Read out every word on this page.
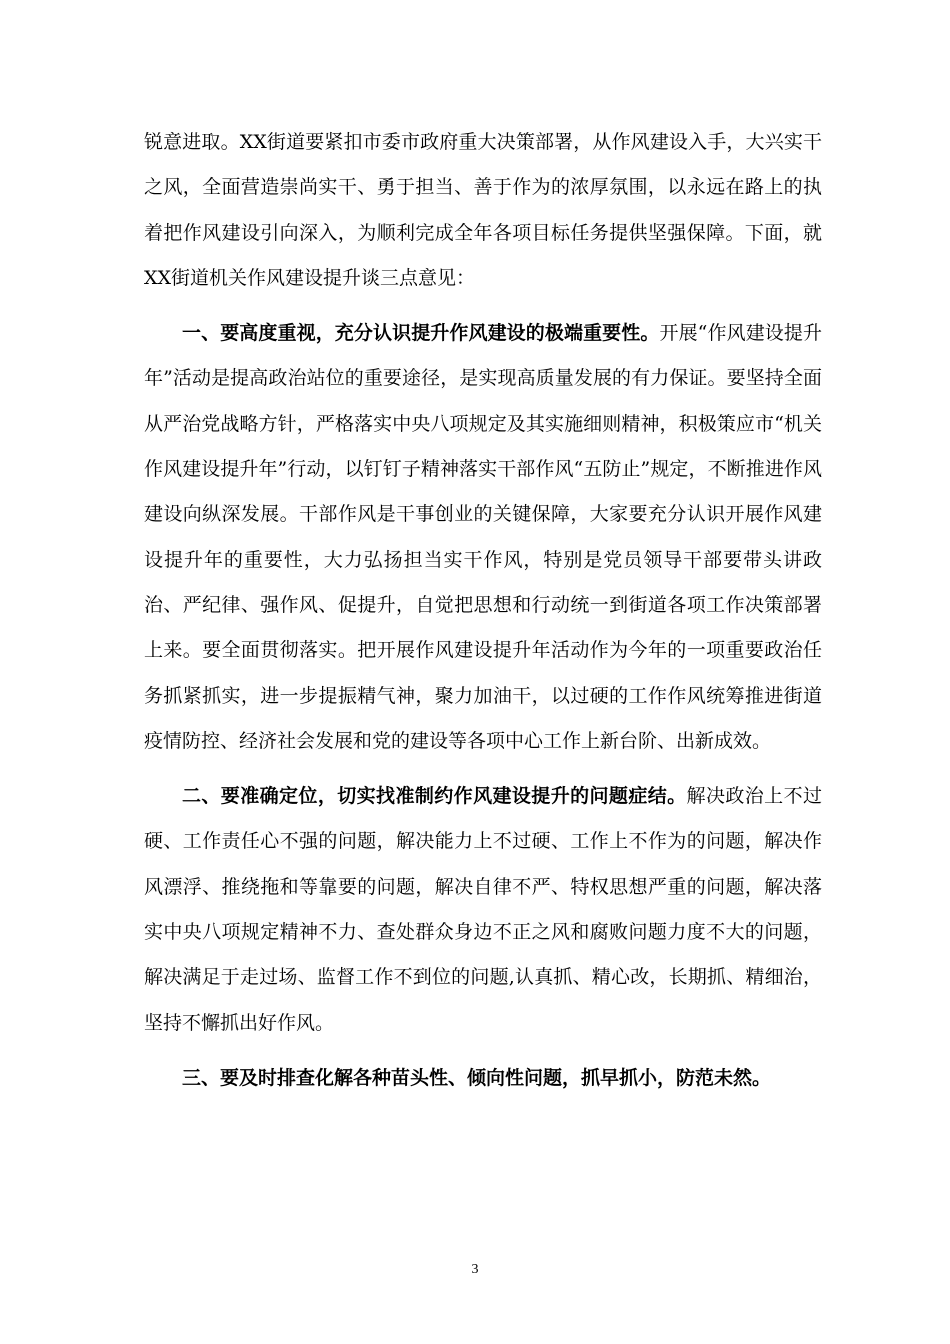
锐意进取。XX街道要紧扣市委市政府重大决策部署，从作风建设入手，大兴实干之风，全面营造崇尚实干、勇于担当、善于作为的浓厚氛围，以永远在路上的执着把作风建设引向深入，为顺利完成全年各项目标任务提供坚强保障。下面，就XX街道机关作风建设提升谈三点意见：

一、要高度重视，充分认识提升作风建设的极端重要性。开展“作风建设提升年”活动是提高政治站位的重要途径，是实现高质量发展的有力保证。要坚持全面从严治党战略方针，严格落实中央八项规定及其实施细则精神，积极策应市“机关作风建设提升年”行动，以钉钉子精神落实干部作风“五防止”规定，不断推进作风建设向纵深发展。干部作风是干事创业的关键保障，大家要充分认识开展作风建设提升年的重要性，大力弘扬担当实干作风，特别是党员领导干部要带头讲政治、严纪律、强作风、促提升，自觉把思想和行动统一到街道各项工作决策部署上来。要全面贯彻落实。把开展作风建设提升年活动作为今年的一项重要政治任务抓紧抓实，进一步提振精气神，聚力加油干，以过硬的工作作风统筹推进街道疫情防控、经济社会发展和党的建设等各项中心工作上新台阶、出新成效。

二、要准确定位，切实找准制约作风建设提升的问题症结。解决政治上不过硬、工作责任心不强的问题，解决能力上不过硬、工作上不作为的问题，解决作风漂浮、推绕拖和等靠要的问题，解决自律不严、特权思想严重的问题，解决落实中央八项规定精神不力、查处群众身边不正之风和腐败问题力度不大的问题，解决满足于走过场、监督工作不到位的问题,认真抓、精心改，长期抓、精细治，坚持不懈抓出好作风。

三、要及时排查化解各种苗头性、倾向性问题，抓早抓小，防范未然。

3
